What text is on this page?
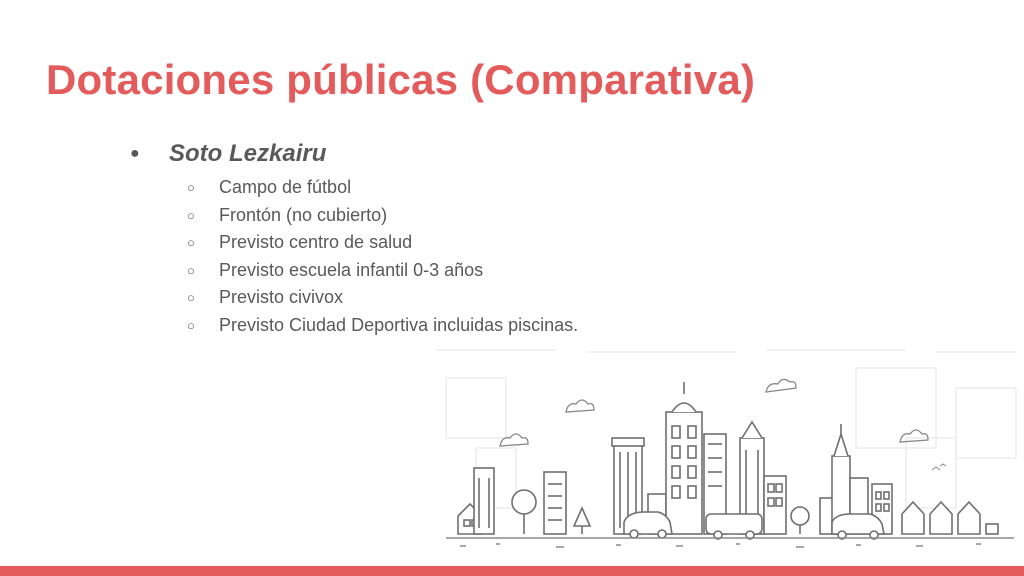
Dotaciones públicas (Comparativa)
● Soto Lezkairu
○ Campo de fútbol
○ Frontón (no cubierto)
○ Previsto centro de salud
○ Previsto escuela infantil 0-3 años
○ Previsto civivox
○ Previsto Ciudad Deportiva incluidas piscinas.
